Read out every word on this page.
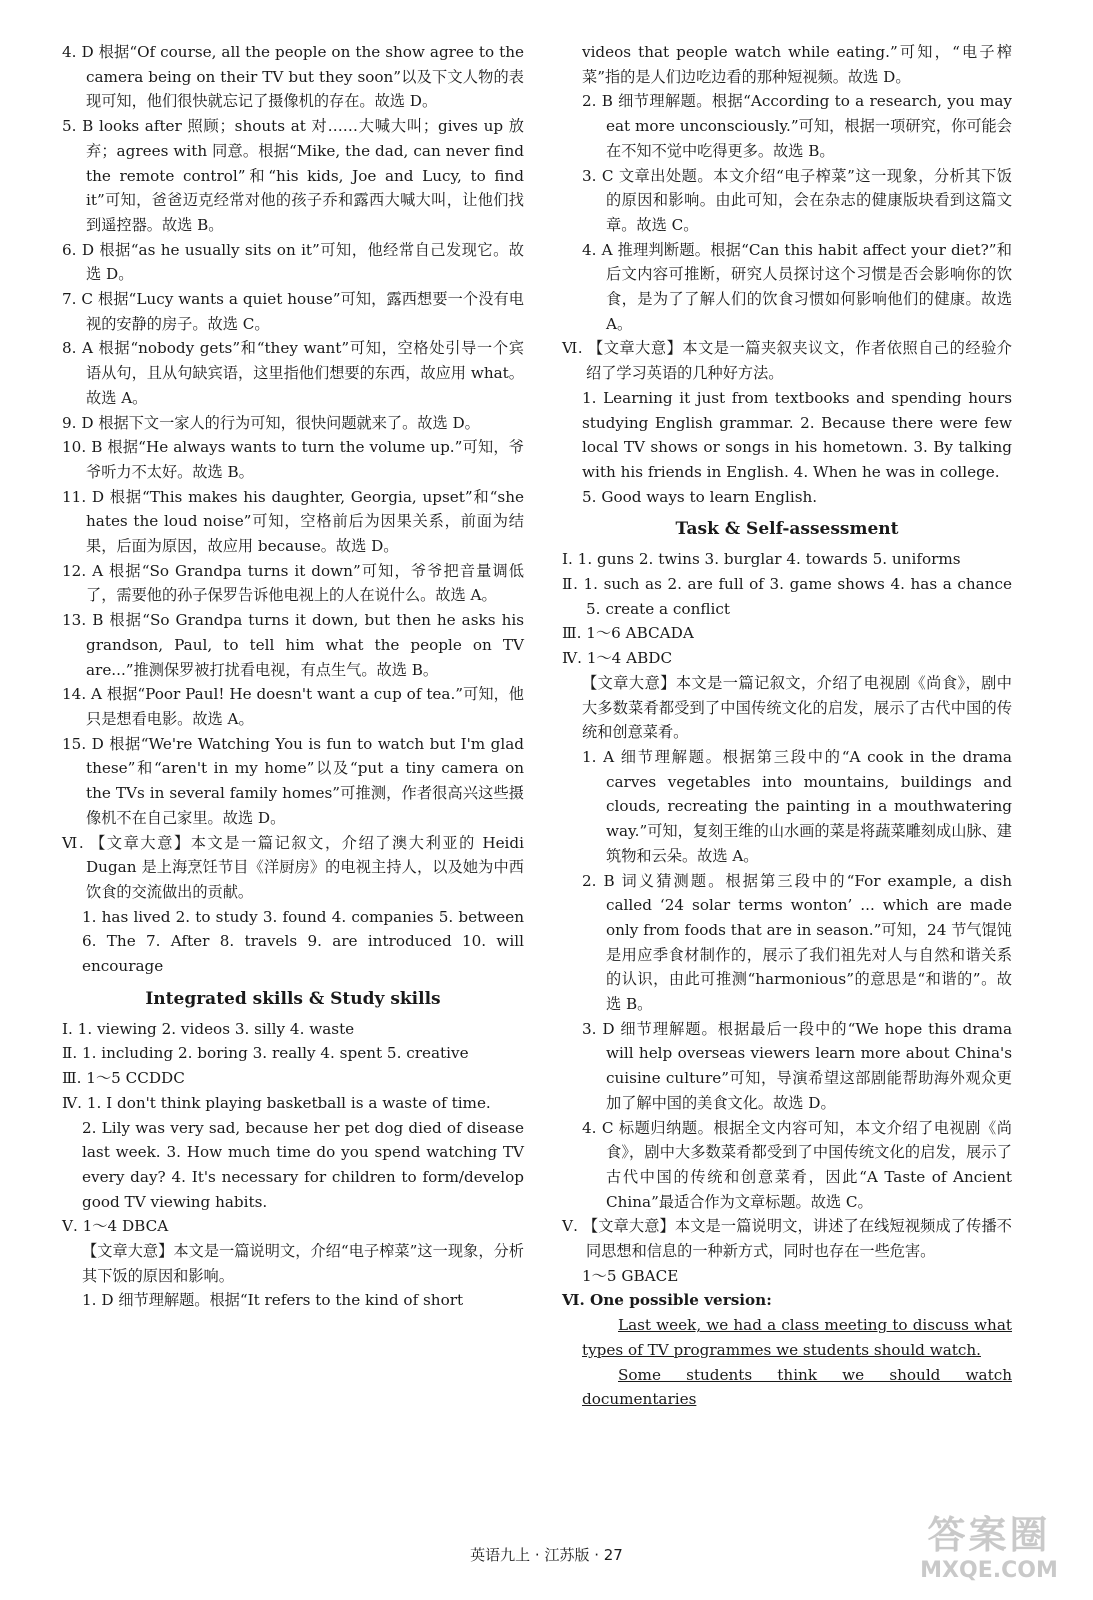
4. D 根据“Of course, all the people on the show agree to the camera being on their TV but they soon”以及下文人物的表现可知，他们很快就忘记了摄像机的存在。故选 D。

5. B looks after 照顾；shouts at 对……大喊大叫；gives up 放弃；agrees with 同意。根据“Mike, the dad, can never find the remote control”和“his kids, Joe and Lucy, to find it”可知，爸爸迈克经常对他的孩子乔和露西大喊大叫，让他们找到遥控器。故选 B。

6. D 根据“as he usually sits on it”可知，他经常自己发现它。故选 D。

7. C 根据“Lucy wants a quiet house”可知，露西想要一个没有电视的安静的房子。故选 C。

8. A 根据“nobody gets”和“they want”可知，空格处引导一个宾语从句，且从句缺宾语，这里指他们想要的东西，故应用 what。故选 A。

9. D 根据下文一家人的行为可知，很快问题就来了。故选 D。

10. B 根据“He always wants to turn the volume up.”可知，爷爷听力不太好。故选 B。

11. D 根据“This makes his daughter, Georgia, upset”和“she hates the loud noise”可知，空格前后为因果关系，前面为结果，后面为原因，故应用 because。故选 D。

12. A 根据“So Grandpa turns it down”可知，爷爷把音量调低了，需要他的孙子保罗告诉他电视上的人在说什么。故选 A。

13. B 根据“So Grandpa turns it down, but then he asks his grandson, Paul, to tell him what the people on TV are...”推测保罗被打扰看电视，有点生气。故选 B。

14. A 根据“Poor Paul! He doesn't want a cup of tea.”可知，他只是想看电影。故选 A。

15. D 根据“We're Watching You is fun to watch but I'm glad these”和“aren't in my home”以及“put a tiny camera on the TVs in several family homes”可推测，作者很高兴这些摄像机不在自己家里。故选 D。

Ⅵ. 【文章大意】本文是一篇记叙文，介绍了澳大利亚的 Heidi Dugan 是上海烹饪节目《洋厨房》的电视主持人，以及她为中西饮食的交流做出的贡献。

1. has lived 2. to study 3. found 4. companies 5. between 6. The 7. After 8. travels 9. are introduced 10. will encourage

Integrated skills & Study skills

Ⅰ. 1. viewing 2. videos 3. silly 4. waste

Ⅱ. 1. including 2. boring 3. really 4. spent 5. creative

Ⅲ. 1～5 CCDDC

Ⅳ. 1. I don't think playing basketball is a waste of time.

2. Lily was very sad, because her pet dog died of disease last week. 3. How much time do you spend watching TV every day? 4. It's necessary for children to form/develop good TV viewing habits.

Ⅴ. 1～4 DBCA

【文章大意】本文是一篇说明文，介绍“电子榨菜”这一现象，分析其下饭的原因和影响。

1. D 细节理解题。根据“It refers to the kind of short

videos that people watch while eating.”可知，“电子榨菜”指的是人们边吃边看的那种短视频。故选 D。

2. B 细节理解题。根据“According to a research, you may eat more unconsciously.”可知，根据一项研究，你可能会在不知不觉中吃得更多。故选 B。

3. C 文章出处题。本文介绍“电子榨菜”这一现象，分析其下饭的原因和影响。由此可知，会在杂志的健康版块看到这篇文章。故选 C。

4. A 推理判断题。根据“Can this habit affect your diet?”和后文内容可推断，研究人员探讨这个习惯是否会影响你的饮食，是为了了解人们的饮食习惯如何影响他们的健康。故选 A。

Ⅵ. 【文章大意】本文是一篇夹叙夹议文，作者依照自己的经验介绍了学习英语的几种好方法。

1. Learning it just from textbooks and spending hours studying English grammar. 2. Because there were few local TV shows or songs in his hometown. 3. By talking with his friends in English. 4. When he was in college.

5. Good ways to learn English.

Task & Self-assessment

Ⅰ. 1. guns 2. twins 3. burglar 4. towards 5. uniforms

Ⅱ. 1. such as 2. are full of 3. game shows 4. has a chance 5. create a conflict

Ⅲ. 1～6 ABCADA

Ⅳ. 1～4 ABDC

【文章大意】本文是一篇记叙文，介绍了电视剧《尚食》，剧中大多数菜肴都受到了中国传统文化的启发，展示了古代中国的传统和创意菜肴。

1. A 细节理解题。根据第三段中的“A cook in the drama carves vegetables into mountains, buildings and clouds, recreating the painting in a mouthwatering way.”可知，复刻王维的山水画的菜是将蔬菜雕刻成山脉、建筑物和云朵。故选 A。

2. B 词义猜测题。根据第三段中的“For example, a dish called ‘24 solar terms wonton’ ... which are made only from foods that are in season.”可知，24 节气馄饨是用应季食材制作的，展示了我们祖先对人与自然和谐关系的认识，由此可推测“harmonious”的意思是“和谐的”。故选 B。

3. D 细节理解题。根据最后一段中的“We hope this drama will help overseas viewers learn more about China's cuisine culture”可知，导演希望这部剧能帮助海外观众更加了解中国的美食文化。故选 D。

4. C 标题归纳题。根据全文内容可知，本文介绍了电视剧《尚食》，剧中大多数菜肴都受到了中国传统文化的启发，展示了古代中国的传统和创意菜肴，因此“A Taste of Ancient China”最适合作为文章标题。故选 C。

Ⅴ. 【文章大意】本文是一篇说明文，讲述了在线短视频成了传播不同思想和信息的一种新方式，同时也存在一些危害。

1～5 GBACE

Ⅵ. One possible version:

Last week, we had a class meeting to discuss what types of TV programmes we students should watch.

Some students think we should watch documentaries

英语九上 · 江苏版 · 27	答案圈
MXQE.COM
